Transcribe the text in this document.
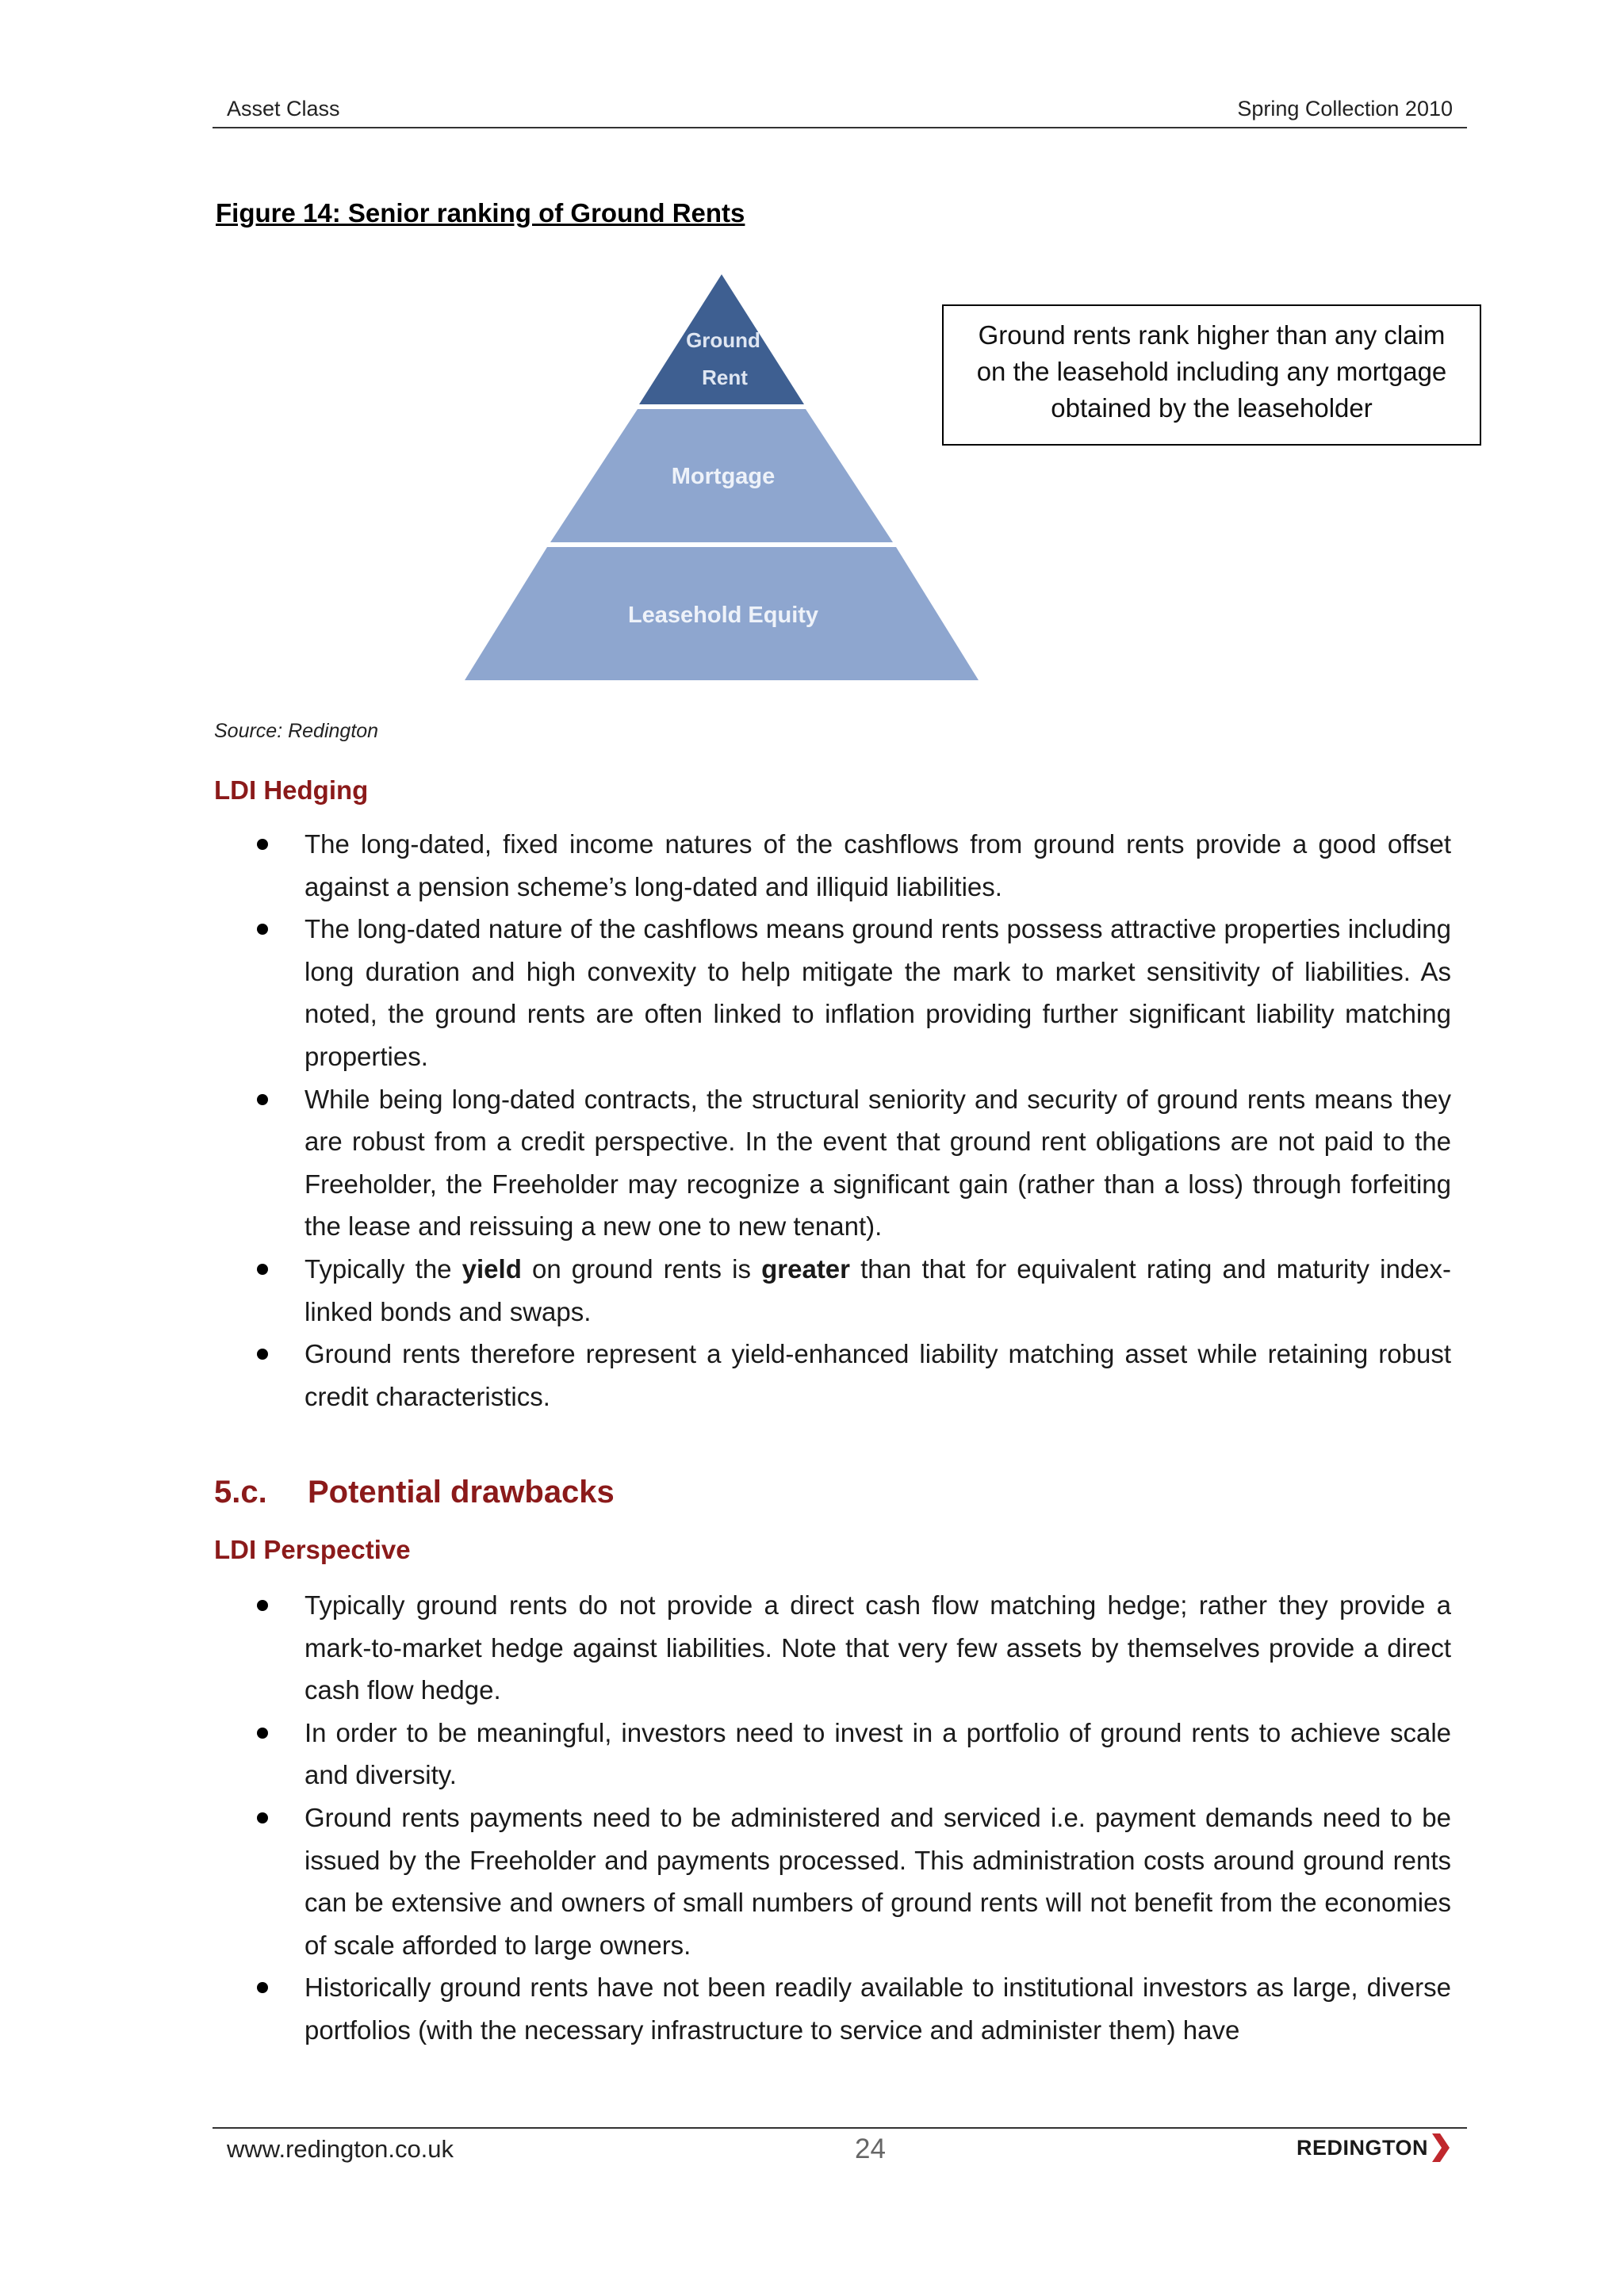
Asset Class	Spring Collection 2010
Figure 14: Senior ranking of Ground Rents
Ground
Rent
Mortgage
Leasehold Equity
Ground rents rank higher than any claim
on the leasehold including any mortgage
obtained by the leaseholder
Source: Redington
LDI Hedging
The long-dated, fixed income natures of the cashflows from ground rents provide a good offset against a pension scheme’s long-dated and illiquid liabilities.
The long-dated nature of the cashflows means ground rents possess attractive properties including long duration and high convexity to help mitigate the mark to market sensitivity of liabilities. As noted, the ground rents are often linked to inflation providing further significant liability matching properties.
While being long-dated contracts, the structural seniority and security of ground rents means they are robust from a credit perspective. In the event that ground rent obligations are not paid to the Freeholder, the Freeholder may recognize a significant gain (rather than a loss) through forfeiting the lease and reissuing a new one to new tenant).
Typically the yield on ground rents is greater than that for equivalent rating and maturity index-linked bonds and swaps.
Ground rents therefore represent a yield-enhanced liability matching asset while retaining robust credit characteristics.
5.c. Potential drawbacks
LDI Perspective
Typically ground rents do not provide a direct cash flow matching hedge; rather they provide a mark-to-market hedge against liabilities. Note that very few assets by themselves provide a direct cash flow hedge.
In order to be meaningful, investors need to invest in a portfolio of ground rents to achieve scale and diversity.
Ground rents payments need to be administered and serviced i.e. payment demands need to be issued by the Freeholder and payments processed. This administration costs around ground rents can be extensive and owners of small numbers of ground rents will not benefit from the economies of scale afforded to large owners.
Historically ground rents have not been readily available to institutional investors as large, diverse portfolios (with the necessary infrastructure to service and administer them) have
www.redington.co.uk	24	REDINGTON
